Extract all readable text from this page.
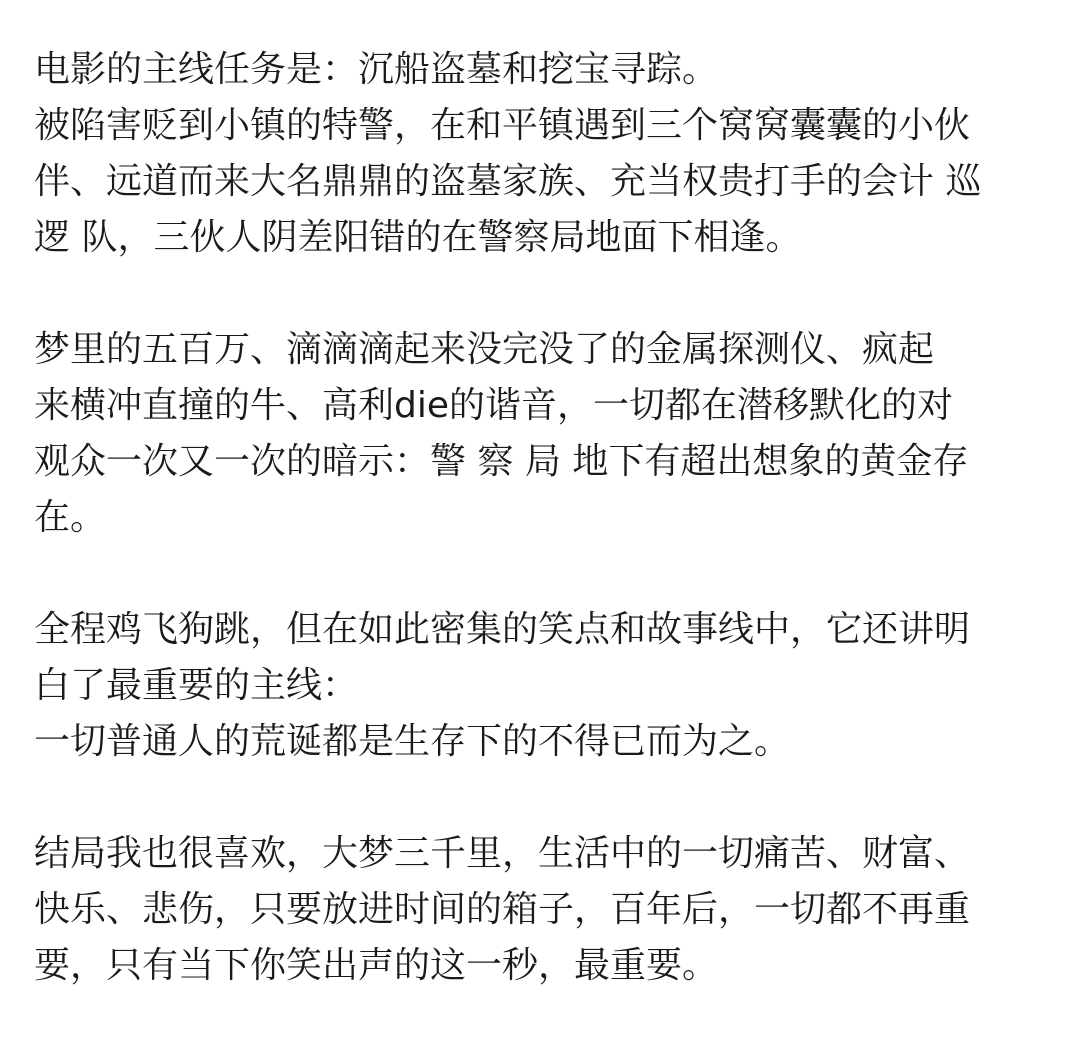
电影的主线任务是：沉船盗墓和挖宝寻踪。
被陷害贬到小镇的特警，在和平镇遇到三个窝窝囊囊的小伙
伴、远道而来大名鼎鼎的盗墓家族、充当权贵打手的会计 巡
逻 队，三伙人阴差阳错的在警察局地面下相逢。

梦里的五百万、滴滴滴起来没完没了的金属探测仪、疯起
来横冲直撞的牛、高利die的谐音，一切都在潜移默化的对
观众一次又一次的暗示：警 察 局 地下有超出想象的黄金存
在。

全程鸡飞狗跳，但在如此密集的笑点和故事线中，它还讲明
白了最重要的主线：
一切普通人的荒诞都是生存下的不得已而为之。

结局我也很喜欢，大梦三千里，生活中的一切痛苦、财富、
快乐、悲伤，只要放进时间的箱子，百年后，一切都不再重
要，只有当下你笑出声的这一秒，最重要。
